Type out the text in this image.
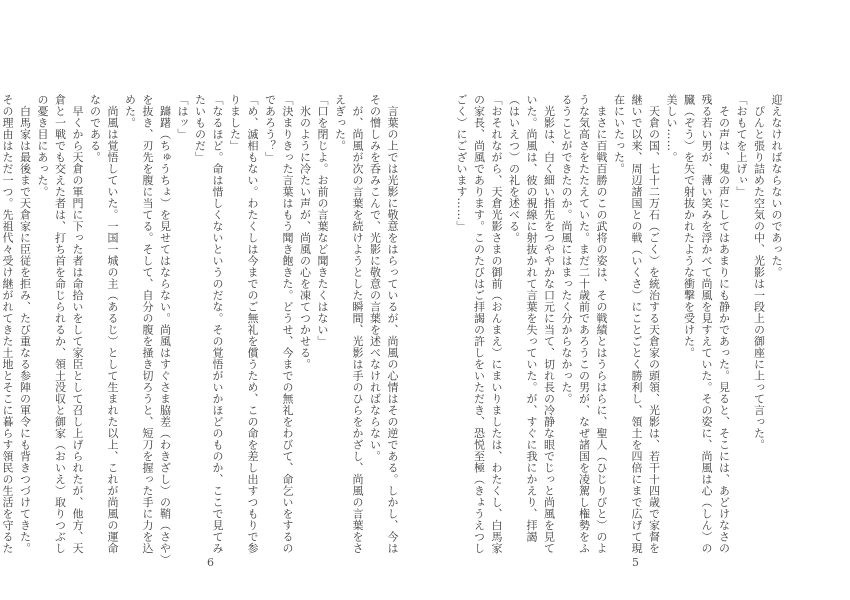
　言葉の上では光影に敬意をはらっているが、尚風の心情はその逆である。しかし、今はその憎しみを呑みこんで、光影に敬意の言葉を述べなければならない。
　が、尚風が次の言葉を続けようとした瞬間、光影は手のひらをかざし、尚風の言葉をさえぎった。
「口を閉じよ。お前の言葉など聞きたくはない」
　氷のように冷たい声が、尚風の心を凍てつかせる。
「決まりきった言葉はもう聞き飽きた。どうせ、今までの無礼をわびて、命乞いをするのであろう？」
「め、滅相もない。わたくしは今までのご無礼を償うため、この命を差し出すつもりで参りました」
「なるほど。命は惜しくないというのだな。その覚悟がいかほどのものか、ここで見てみたいものだ」
「はッ」
　躊躇（ちゅうちょ）を見せてはならない。尚風はすぐさま脇差（わきざし）の鞘（さや）を抜き、刃先を腹に当てる。そして、自分の腹を掻き切ろうと、短刀を握った手に力を込めた。
　尚風は覚悟していた。一国一城の主（あるじ）として生まれた以上、これが尚風の運命なのである。
　早くから天倉の軍門に下った者は命拾いをして家臣として召し上げられたが、他方、天倉と一戦でも交えた者は、打ち首を命じられるか、領土没収と御家（おいえ）取りつぶしの憂き目にあった。
　白馬家は最後まで天倉家に臣従を拒み、たび重なる参陣の軍令にも背きつづけてきた。その理由はただ一つ。先祖代々受け継がれてきた土地とそこに暮らす領民の生活を守るた

6
迎えなければならないのであった。
　ぴんと張り詰めた空気の中、光影は一段上の御座に上って言った。
「おもてを上げぃ」
　その声は、鬼の声にしてはあまりにも静かであった。見ると、そこには、あどけなさの残る若い男が、薄い笑みを浮かべて尚風を見すえていた。その姿に、尚風は心（しん）の臓（ぞう）を矢で射抜かれたような衝撃を受けた。
美しい……。
　天倉の国、七十二万石（ごく）を統治する天倉家の頭領、光影は、若干十四歳で家督を継いで以来、周辺諸国との戦（いくさ）にことごとく勝利し、領土を四倍にまで広げて現在にいたった。
　まさに百戦百勝のこの武将の姿は、その戦績とはうらはらに、聖人（ひじりびと）のような気高さをたたえていた。まだ二十歳前であろうこの男が、なぜ諸国を凌駕し権勢をふるうことができたのか。尚風にはまったく分からなかった。
　光影は、白く細い指先をつややかな口元に当て、切れ長の冷静な眼でじっと尚風を見ていた。尚風は、彼の視線に射抜かれて言葉を失っていた。が、すぐに我にかえり、拝謁（はいえつ）の礼を述べる。
「おそれながら、天倉光影さまの御前（おんまえ）にまいりましたは、わたくし、白馬家の家長、尚風であります。このたびはご拝謁の許しをいただき、恐悦至極（きょうえつしごく）にございます……」
5
